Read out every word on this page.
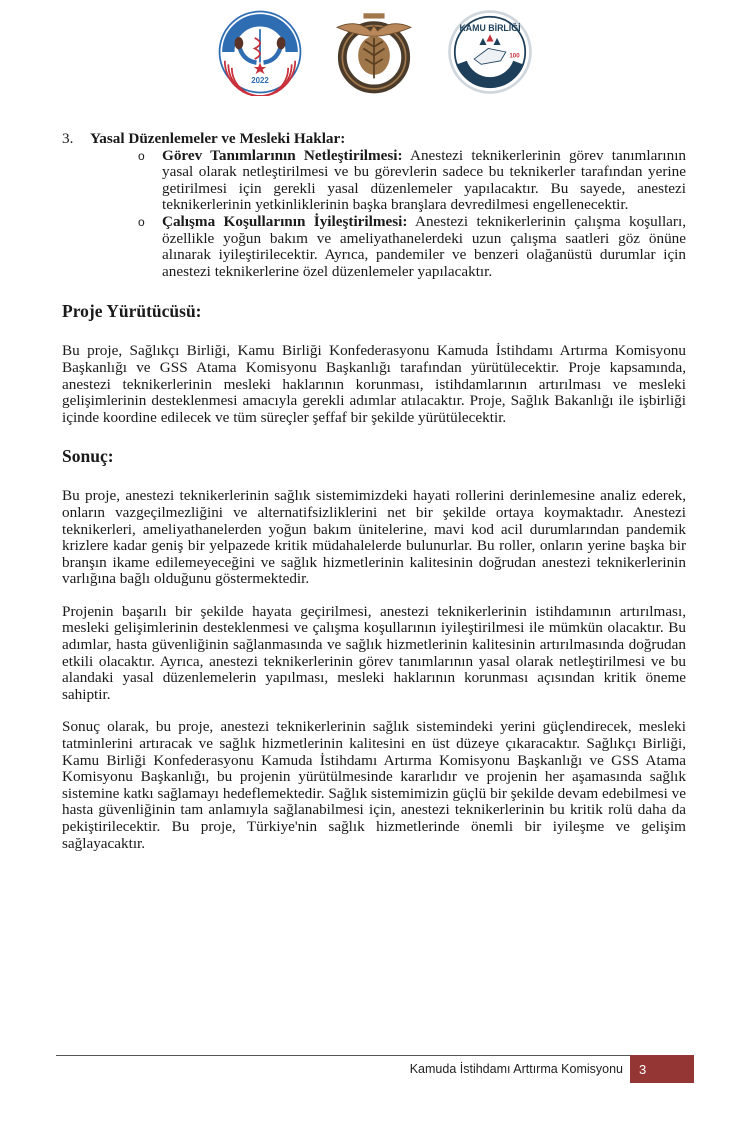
2022
KAMU BİRLİĞİ
100
3.	Yasal Düzenlemeler ve Mesleki Haklar:
o Görev Tanımlarının Netleştirilmesi: Anestezi teknikerlerinin görev tanımlarının yasal olarak netleştirilmesi ve bu görevlerin sadece bu teknikerler tarafından yerine getirilmesi için gerekli yasal düzenlemeler yapılacaktır. Bu sayede, anestezi teknikerlerinin yetkinliklerinin başka branşlara devredilmesi engellenecektir.
o Çalışma Koşullarının İyileştirilmesi: Anestezi teknikerlerinin çalışma koşulları, özellikle yoğun bakım ve ameliyathanelerdeki uzun çalışma saatleri göz önüne alınarak iyileştirilecektir. Ayrıca, pandemiler ve benzeri olağanüstü durumlar için anestezi teknikerlerine özel düzenlemeler yapılacaktır.
Proje Yürütücüsü:

Bu proje, Sağlıkçı Birliği, Kamu Birliği Konfederasyonu Kamuda İstihdamı Artırma Komisyonu Başkanlığı ve GSS Atama Komisyonu Başkanlığı tarafından yürütülecektir. Proje kapsamında, anestezi teknikerlerinin mesleki haklarının korunması, istihdamlarının artırılması ve mesleki gelişimlerinin desteklenmesi amacıyla gerekli adımlar atılacaktır. Proje, Sağlık Bakanlığı ile işbirliği içinde koordine edilecek ve tüm süreçler şeffaf bir şekilde yürütülecektir.

Sonuç:

Bu proje, anestezi teknikerlerinin sağlık sistemimizdeki hayati rollerini derinlemesine analiz ederek, onların vazgeçilmezliğini ve alternatifsizliklerini net bir şekilde ortaya koymaktadır. Anestezi teknikerleri, ameliyathanelerden yoğun bakım ünitelerine, mavi kod acil durumlarından pandemik krizlere kadar geniş bir yelpazede kritik müdahalelerde bulunurlar. Bu roller, onların yerine başka bir branşın ikame edilemeyeceğini ve sağlık hizmetlerinin kalitesinin doğrudan anestezi teknikerlerinin varlığına bağlı olduğunu göstermektedir.

Projenin başarılı bir şekilde hayata geçirilmesi, anestezi teknikerlerinin istihdamının artırılması, mesleki gelişimlerinin desteklenmesi ve çalışma koşullarının iyileştirilmesi ile mümkün olacaktır. Bu adımlar, hasta güvenliğinin sağlanmasında ve sağlık hizmetlerinin kalitesinin artırılmasında doğrudan etkili olacaktır. Ayrıca, anestezi teknikerlerinin görev tanımlarının yasal olarak netleştirilmesi ve bu alandaki yasal düzenlemelerin yapılması, mesleki haklarının korunması açısından kritik öneme sahiptir.

Sonuç olarak, bu proje, anestezi teknikerlerinin sağlık sistemindeki yerini güçlendirecek, mesleki tatminlerini artıracak ve sağlık hizmetlerinin kalitesini en üst düzeye çıkaracaktır. Sağlıkçı Birliği, Kamu Birliği Konfederasyonu Kamuda İstihdamı Artırma Komisyonu Başkanlığı ve GSS Atama Komisyonu Başkanlığı, bu projenin yürütülmesinde kararlıdır ve projenin her aşamasında sağlık sistemine katkı sağlamayı hedeflemektedir. Sağlık sistemimizin güçlü bir şekilde devam edebilmesi ve hasta güvenliğinin tam anlamıyla sağlanabilmesi için, anestezi teknikerlerinin bu kritik rolü daha da pekiştirilecektir. Bu proje, Türkiye'nin sağlık hizmetlerinde önemli bir iyileşme ve gelişim sağlayacaktır.

Kamuda İstihdamı Arttırma Komisyonu 3
